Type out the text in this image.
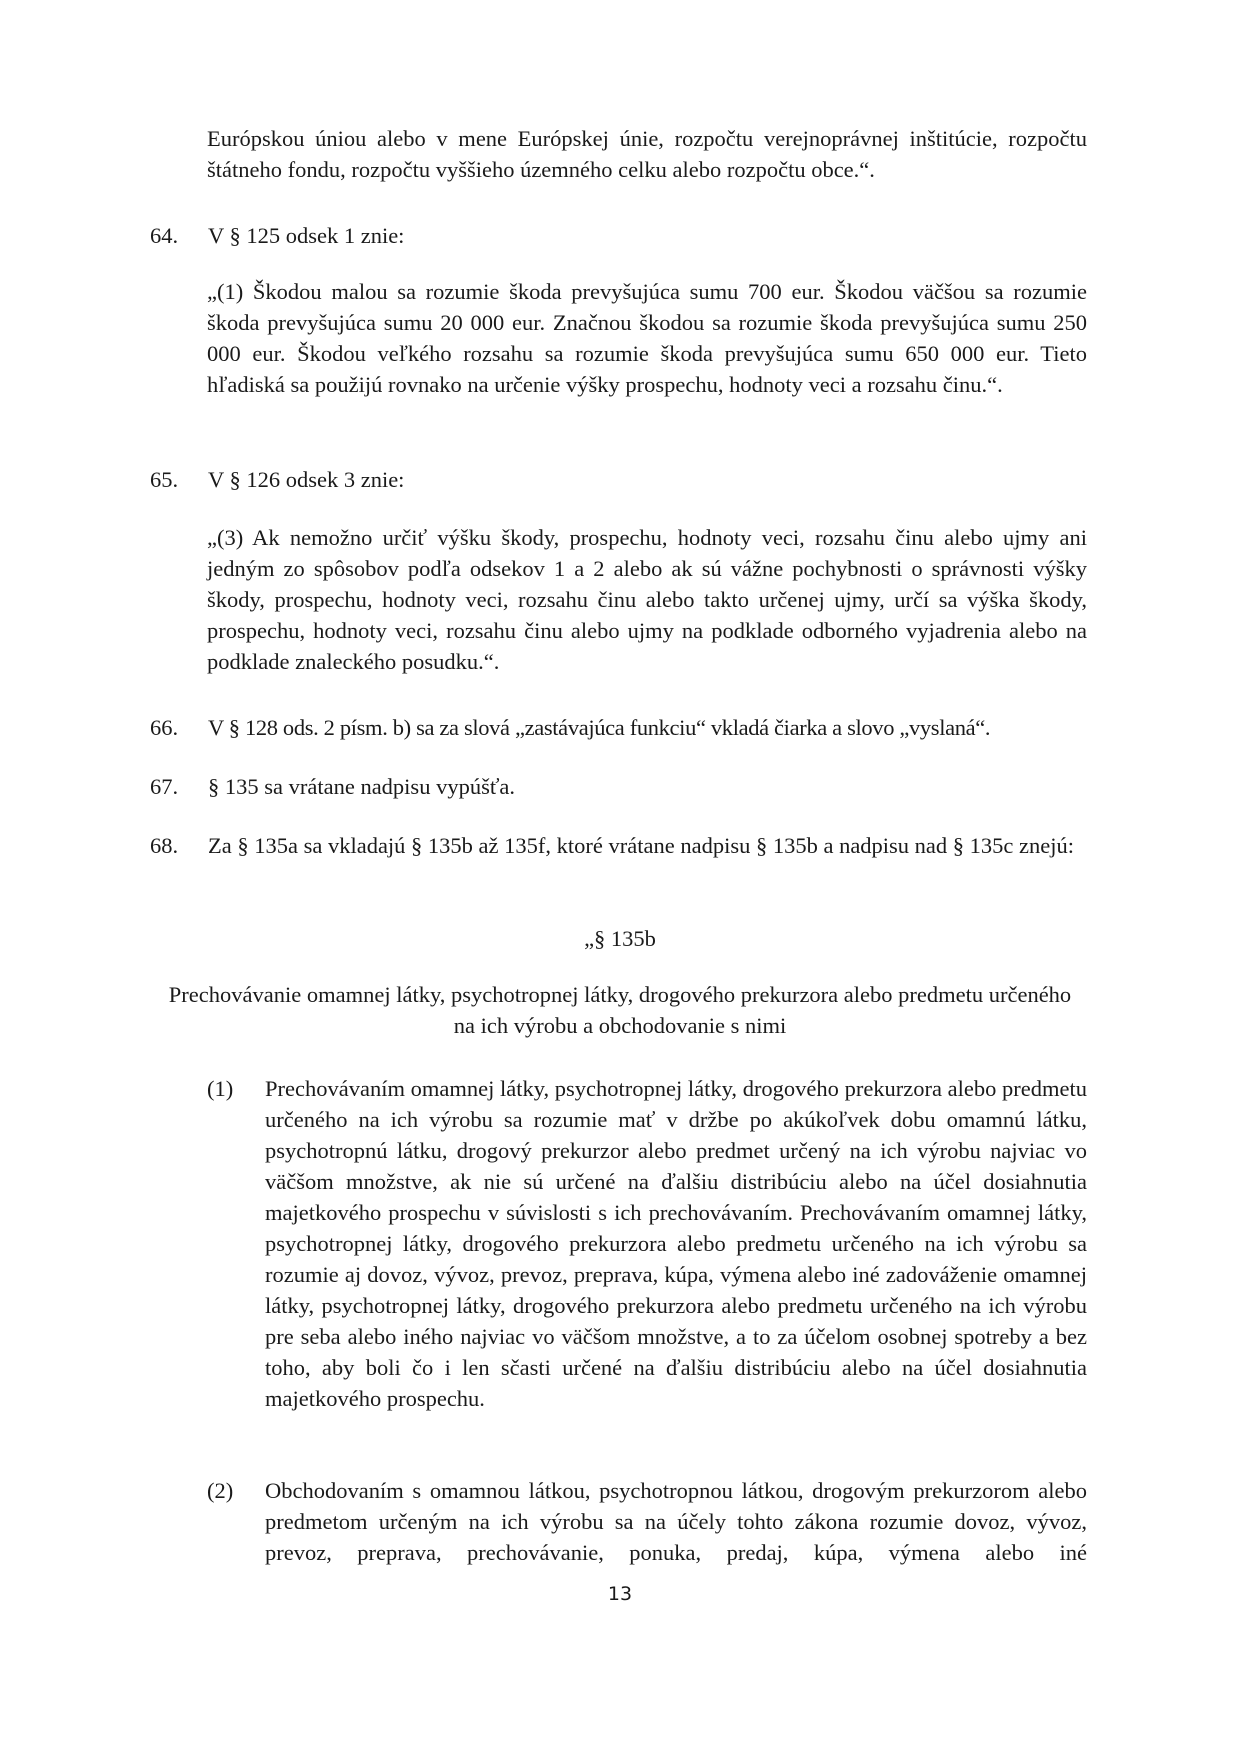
Európskou úniou alebo v mene Európskej únie, rozpočtu verejnoprávnej inštitúcie, rozpočtu štátneho fondu, rozpočtu vyššieho územného celku alebo rozpočtu obce.“.

64.	V § 125 odsek 1 znie:

„(1) Škodou malou sa rozumie škoda prevyšujúca sumu 700 eur. Škodou väčšou sa rozumie škoda prevyšujúca sumu 20 000 eur. Značnou škodou sa rozumie škoda prevyšujúca sumu 250 000 eur. Škodou veľkého rozsahu sa rozumie škoda prevyšujúca sumu 650 000 eur. Tieto hľadiská sa použijú rovnako na určenie výšky prospechu, hodnoty veci a rozsahu činu.“.

65.	V § 126 odsek 3 znie:

„(3) Ak nemožno určiť výšku škody, prospechu, hodnoty veci, rozsahu činu alebo ujmy ani jedným zo spôsobov podľa odsekov 1 a 2 alebo ak sú vážne pochybnosti o správnosti výšky škody, prospechu, hodnoty veci, rozsahu činu alebo takto určenej ujmy, určí sa výška škody, prospechu, hodnoty veci, rozsahu činu alebo ujmy na podklade odborného vyjadrenia alebo na podklade znaleckého posudku.“.

66.	V § 128 ods. 2 písm. b) sa za slová „zastávajúca funkciu“ vkladá čiarka a slovo „vyslaná“.
67.	§ 135 sa vrátane nadpisu vypúšťa.
68.	Za § 135a sa vkladajú § 135b až 135f, ktoré vrátane nadpisu § 135b a nadpisu nad § 135c znejú:

„§ 135b

Prechovávanie omamnej látky, psychotropnej látky, drogového prekurzora alebo predmetu určeného na ich výrobu a obchodovanie s nimi

(1)	Prechovávaním omamnej látky, psychotropnej látky, drogového prekurzora alebo predmetu určeného na ich výrobu sa rozumie mať v držbe po akúkoľvek dobu omamnú látku, psychotropnú látku, drogový prekurzor alebo predmet určený na ich výrobu najviac vo väčšom množstve, ak nie sú určené na ďalšiu distribúciu alebo na účel dosiahnutia majetkového prospechu v súvislosti s ich prechovávaním. Prechovávaním omamnej látky, psychotropnej látky, drogového prekurzora alebo predmetu určeného na ich výrobu sa rozumie aj dovoz, vývoz, prevoz, preprava, kúpa, výmena alebo iné zadováženie omamnej látky, psychotropnej látky, drogového prekurzora alebo predmetu určeného na ich výrobu pre seba alebo iného najviac vo väčšom množstve, a to za účelom osobnej spotreby a bez toho, aby boli čo i len sčasti určené na ďalšiu distribúciu alebo na účel dosiahnutia majetkového prospechu.
(2)	Obchodovaním s omamnou látkou, psychotropnou látkou, drogovým prekurzorom alebo predmetom určeným na ich výrobu sa na účely tohto zákona rozumie dovoz, vývoz, prevoz, preprava, prechovávanie, ponuka, predaj, kúpa, výmena alebo iné
13
